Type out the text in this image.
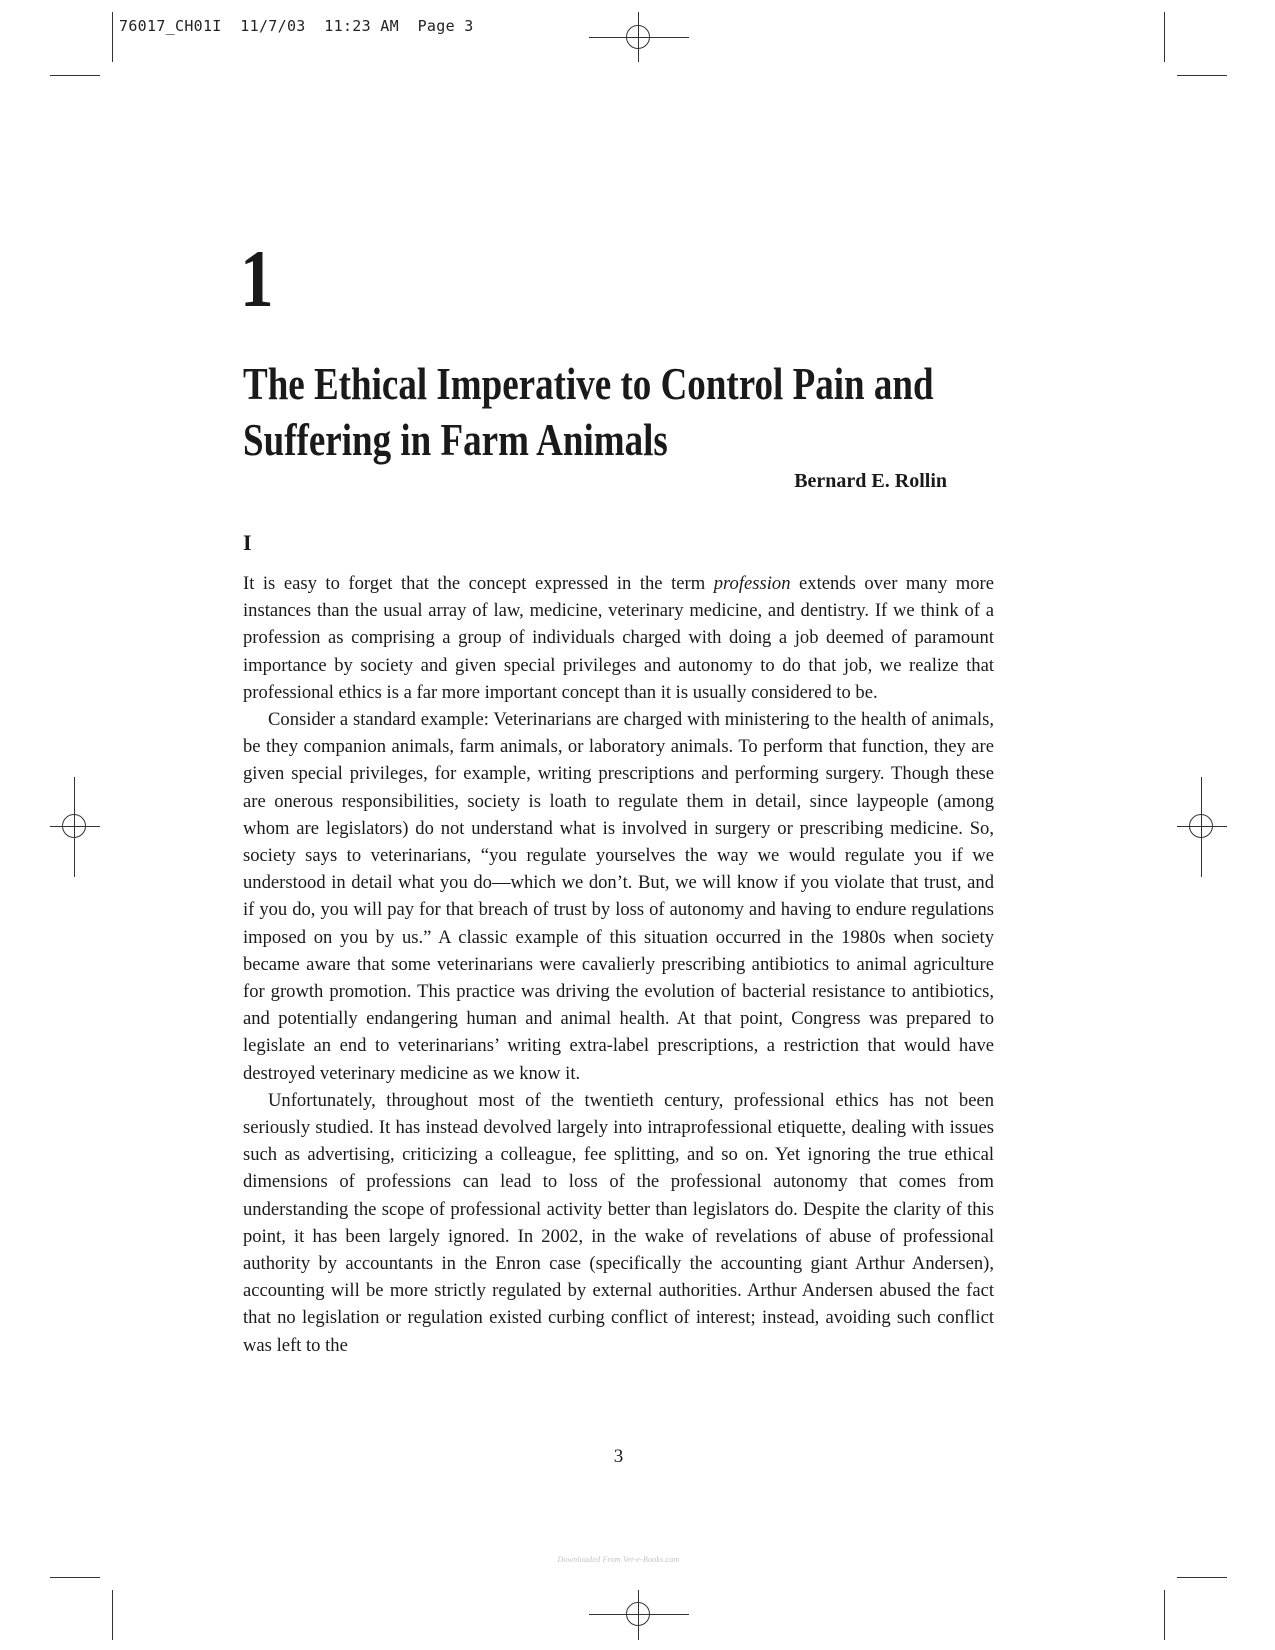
76017_CH01I  11/7/03  11:23 AM  Page 3
1
The Ethical Imperative to Control Pain and Suffering in Farm Animals
Bernard E. Rollin
I

It is easy to forget that the concept expressed in the term profession extends over many more instances than the usual array of law, medicine, veterinary medicine, and dentistry. If we think of a profession as comprising a group of individuals charged with doing a job deemed of paramount importance by society and given special privileges and autonomy to do that job, we realize that professional ethics is a far more important concept than it is usually considered to be.

Consider a standard example: Veterinarians are charged with ministering to the health of animals, be they companion animals, farm animals, or laboratory animals. To perform that function, they are given special privileges, for example, writing prescriptions and performing surgery. Though these are onerous responsibilities, society is loath to regulate them in detail, since laypeople (among whom are legislators) do not understand what is involved in surgery or prescribing medicine. So, society says to veterinarians, “you regulate yourselves the way we would regulate you if we understood in detail what you do—which we don’t. But, we will know if you violate that trust, and if you do, you will pay for that breach of trust by loss of autonomy and having to endure regulations imposed on you by us.” A classic example of this situation occurred in the 1980s when society became aware that some veterinarians were cavalierly prescribing antibiotics to animal agriculture for growth promotion. This practice was driving the evolution of bacterial resistance to antibiotics, and potentially endangering human and animal health. At that point, Congress was prepared to legislate an end to veterinarians’ writing extra-label prescriptions, a restriction that would have destroyed veterinary medicine as we know it.

Unfortunately, throughout most of the twentieth century, professional ethics has not been seriously studied. It has instead devolved largely into intraprofessional etiquette, dealing with issues such as advertising, criticizing a colleague, fee splitting, and so on. Yet ignoring the true ethical dimensions of professions can lead to loss of the professional autonomy that comes from understanding the scope of professional activity better than legislators do. Despite the clarity of this point, it has been largely ignored. In 2002, in the wake of revelations of abuse of professional authority by accountants in the Enron case (specifically the accounting giant Arthur Andersen), accounting will be more strictly regulated by external authorities. Arthur Andersen abused the fact that no legislation or regulation existed curbing conflict of interest; instead, avoiding such conflict was left to the

3
Downloaded From Vet-e-Books.com
